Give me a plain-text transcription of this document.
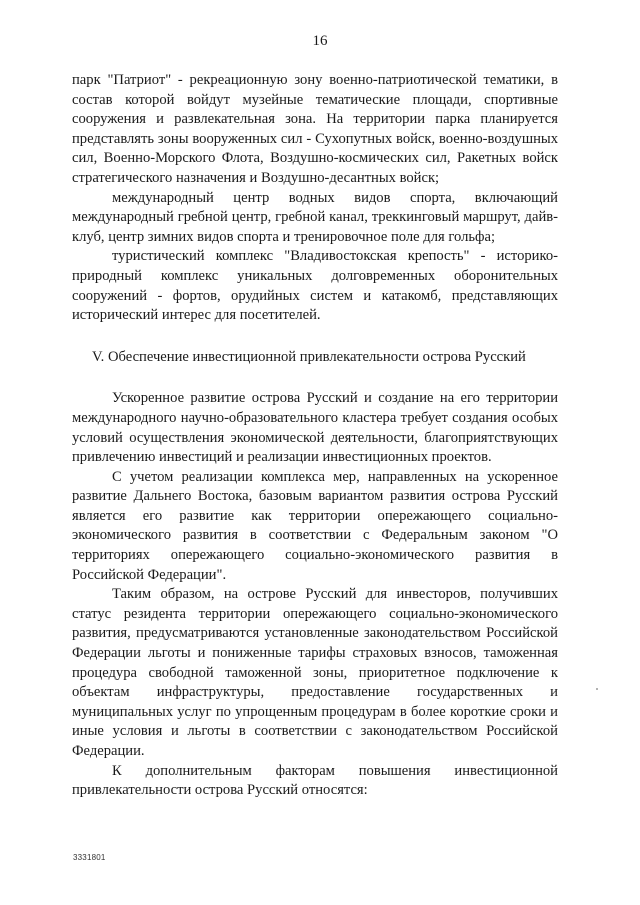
16

парк "Патриот" - рекреационную зону военно-патриотической тематики, в состав которой войдут музейные тематические площади, спортивные сооружения и развлекательная зона. На территории парка планируется представлять зоны вооруженных сил - Сухопутных войск, военно-воздушных сил, Военно-Морского Флота, Воздушно-космических сил, Ракетных войск стратегического назначения и Воздушно-десантных войск;

международный центр водных видов спорта, включающий международный гребной центр, гребной канал, треккинговый маршрут, дайв-клуб, центр зимних видов спорта и тренировочное поле для гольфа;

туристический комплекс "Владивостокская крепость" - историко-природный комплекс уникальных долговременных оборонительных сооружений - фортов, орудийных систем и катакомб, представляющих исторический интерес для посетителей.

V. Обеспечение инвестиционной привлекательности острова Русский

Ускоренное развитие острова Русский и создание на его территории международного научно-образовательного кластера требует создания особых условий осуществления экономической деятельности, благоприятствующих привлечению инвестиций и реализации инвестиционных проектов.

С учетом реализации комплекса мер, направленных на ускоренное развитие Дальнего Востока, базовым вариантом развития острова Русский является его развитие как территории опережающего социально-экономического развития в соответствии с Федеральным законом "О территориях опережающего социально-экономического развития в Российской Федерации".

Таким образом, на острове Русский для инвесторов, получивших статус резидента территории опережающего социально-экономического развития, предусматриваются установленные законодательством Российской Федерации льготы и пониженные тарифы страховых взносов, таможенная процедура свободной таможенной зоны, приоритетное подключение к объектам инфраструктуры, предоставление государственных и муниципальных услуг по упрощенным процедурам в более короткие сроки и иные условия и льготы в соответствии с законодательством Российской Федерации.

К дополнительным факторам повышения инвестиционной привлекательности острова Русский относятся:

3331801
